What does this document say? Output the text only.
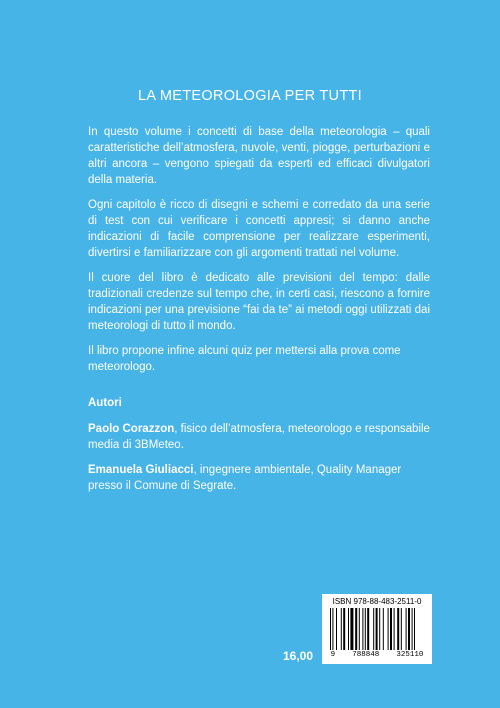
LA METEOROLOGIA PER TUTTI

In questo volume i concetti di base della meteorologia – quali caratteristiche dell’atmosfera, nuvole, venti, piogge, perturbazioni e altri ancora – vengono spiegati da esperti ed efficaci divulgatori della materia.

Ogni capitolo è ricco di disegni e schemi e corredato da una serie di test con cui verificare i concetti appresi; si danno anche indicazioni di facile comprensione per realizzare esperimenti, divertirsi e familiarizzare con gli argomenti trattati nel volume.

Il cuore del libro è dedicato alle previsioni del tempo: dalle tradizionali credenze sul tempo che, in certi casi, riescono a fornire indicazioni per una previsione “fai da te” ai metodi oggi utilizzati dai meteorologi di tutto il mondo.

Il libro propone infine alcuni quiz per mettersi alla prova come meteorologo.

Autori

Paolo Corazzon, fisico dell’atmosfera, meteorologo e responsabile media di 3BMeteo.

Emanuela Giuliacci, ingegnere ambientale, Quality Manager presso il Comune di Segrate.

16,00
ISBN 978-88-483-2511-0
9 788848 325110
